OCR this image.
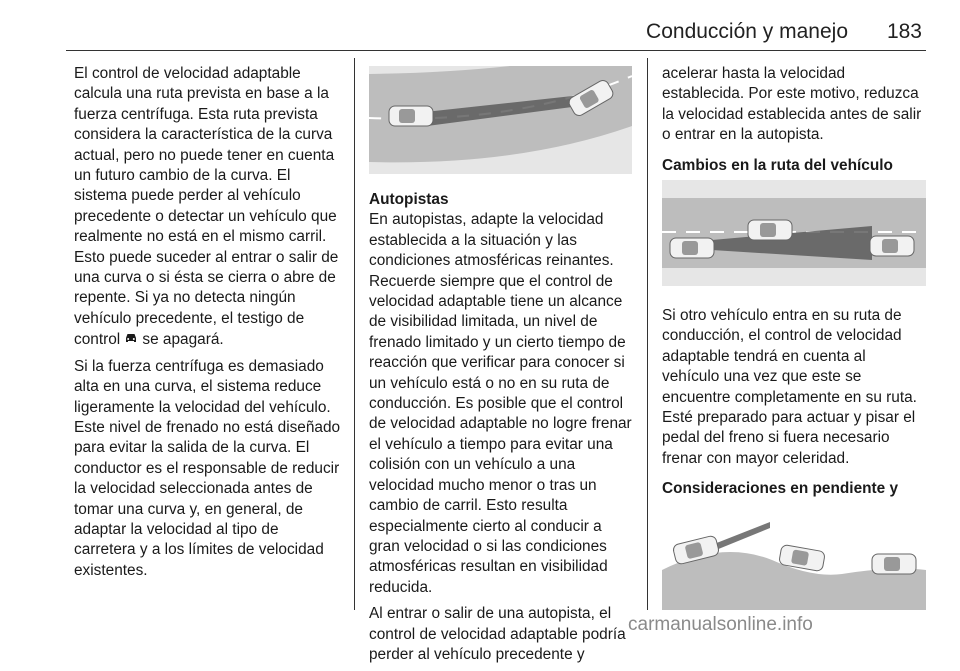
Conducción y manejo 183

El control de velocidad adaptable calcula una ruta prevista en base a la fuerza centrífuga. Esta ruta prevista considera la característica de la curva actual, pero no puede tener en cuenta un futuro cambio de la curva. El sistema puede perder al vehículo precedente o detectar un vehículo que realmente no está en el mismo carril. Esto puede suceder al entrar o salir de una curva o si ésta se cierra o abre de repente. Si ya no detecta ningún vehículo precedente, el testigo de control se apagará.

Si la fuerza centrífuga es demasiado alta en una curva, el sistema reduce ligeramente la velocidad del vehículo. Este nivel de frenado no está diseñado para evitar la salida de la curva. El conductor es el responsable de reducir la velocidad seleccionada antes de tomar una curva y, en general, de adaptar la velocidad al tipo de carretera y a los límites de velocidad existentes.

Autopistas

En autopistas, adapte la velocidad establecida a la situación y las condiciones atmosféricas reinantes. Recuerde siempre que el control de velocidad adaptable tiene un alcance de visibilidad limitada, un nivel de frenado limitado y un cierto tiempo de reacción que verificar para conocer si un vehículo está o no en su ruta de conducción. Es posible que el control de velocidad adaptable no logre frenar el vehículo a tiempo para evitar una colisión con un vehículo a una velocidad mucho menor o tras un cambio de carril. Esto resulta especialmente cierto al conducir a gran velocidad o si las condiciones atmosféricas resultan en visibilidad reducida.

Al entrar o salir de una autopista, el control de velocidad adaptable podría perder al vehículo precedente y

acelerar hasta la velocidad establecida. Por este motivo, reduzca la velocidad establecida antes de salir o entrar en la autopista.

Cambios en la ruta del vehículo

Si otro vehículo entra en su ruta de conducción, el control de velocidad adaptable tendrá en cuenta al vehículo una vez que este se encuentre completamente en su ruta. Esté preparado para actuar y pisar el pedal del freno si fuera necesario frenar con mayor celeridad.

Consideraciones en pendiente y
carmanualsonline.info
